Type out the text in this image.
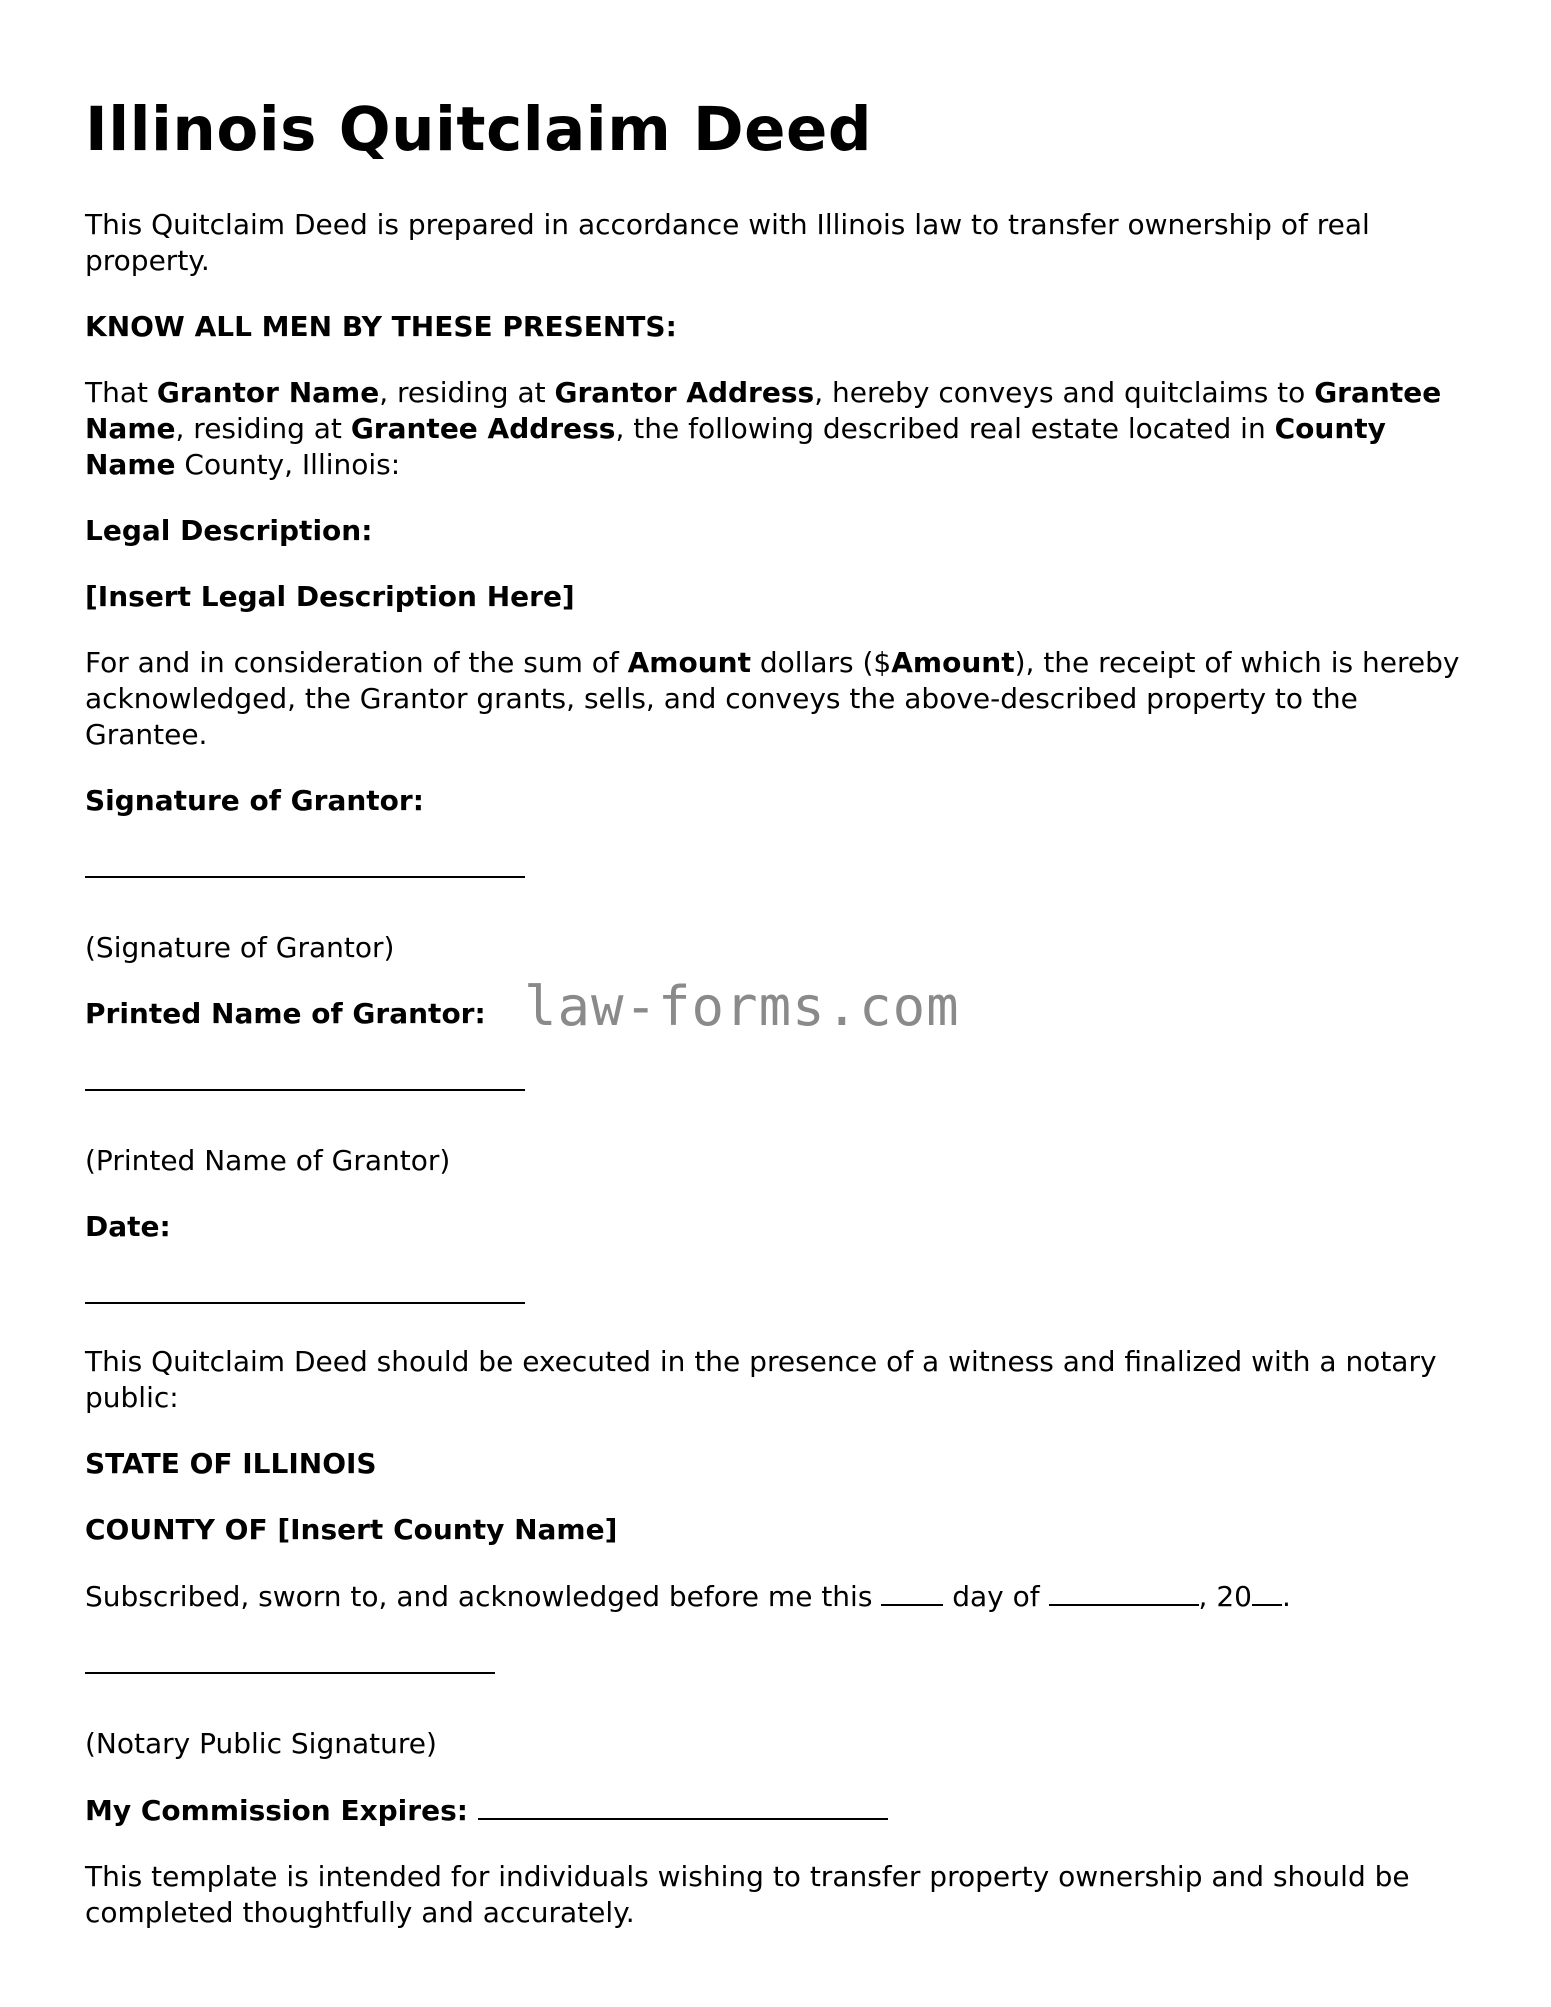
Illinois Quitclaim Deed

This Quitclaim Deed is prepared in accordance with Illinois law to transfer ownership of real property.

KNOW ALL MEN BY THESE PRESENTS:

That Grantor Name, residing at Grantor Address, hereby conveys and quitclaims to Grantee Name, residing at Grantee Address, the following described real estate located in County Name County, Illinois:

Legal Description:

[Insert Legal Description Here]

For and in consideration of the sum of Amount dollars ($Amount), the receipt of which is hereby acknowledged, the Grantor grants, sells, and conveys the above-described property to the Grantee.

Signature of Grantor:

(Signature of Grantor)

Printed Name of Grantor:

(Printed Name of Grantor)

Date:

This Quitclaim Deed should be executed in the presence of a witness and finalized with a notary public:

STATE OF ILLINOIS

COUNTY OF [Insert County Name]

Subscribed, sworn to, and acknowledged before me this  day of	, 20 .

(Notary Public Signature)

My Commission Expires:

This template is intended for individuals wishing to transfer property ownership and should be completed thoughtfully and accurately.

law-forms.com
